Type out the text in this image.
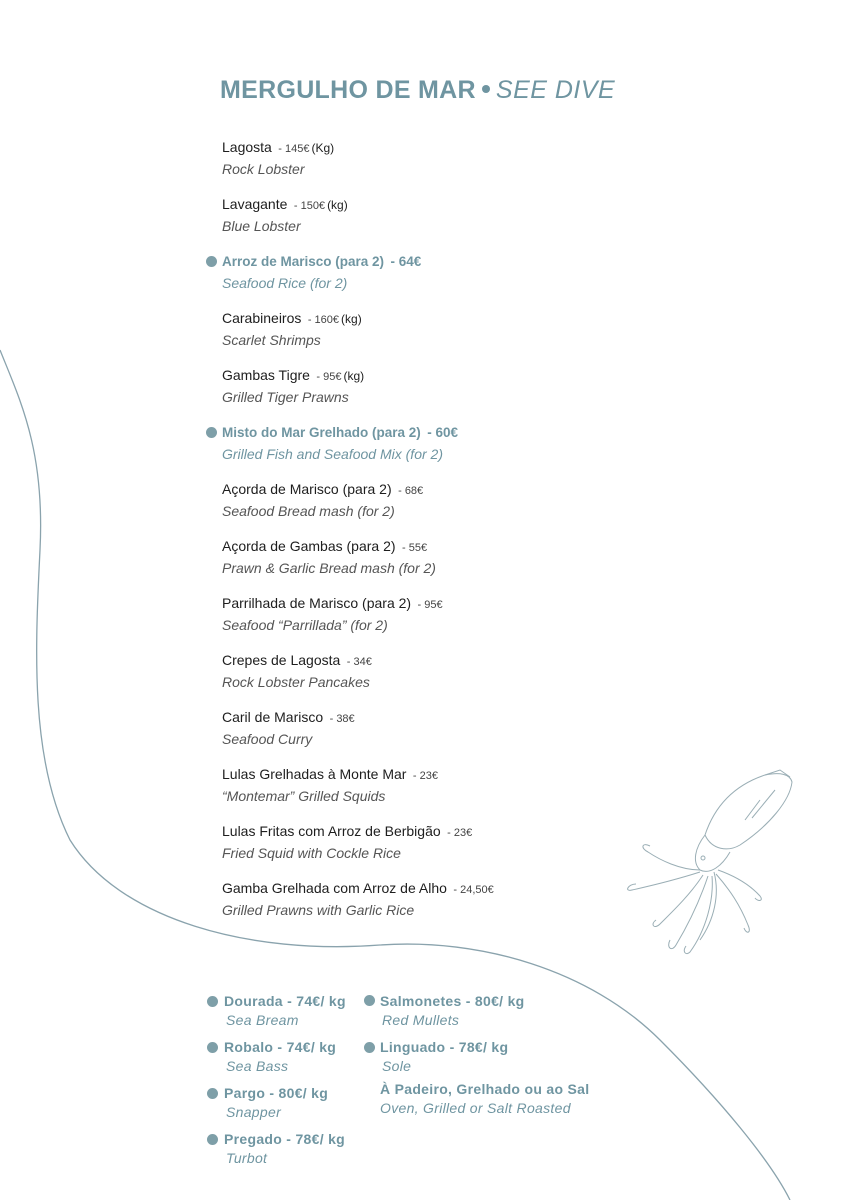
MERGULHO DE MAR SEE DIVE
Lagosta - 145€ (Kg)
Rock Lobster
Lavagante - 150€ (kg)
Blue Lobster
Arroz de Marisco (para 2) - 64€
Seafood Rice (for 2)
Carabineiros - 160€ (kg)
Scarlet Shrimps
Gambas Tigre - 95€ (kg)
Grilled Tiger Prawns
Misto do Mar Grelhado (para 2) - 60€
Grilled Fish and Seafood Mix (for 2)
Açorda de Marisco (para 2) - 68€
Seafood Bread mash (for 2)
Açorda de Gambas (para 2) - 55€
Prawn & Garlic Bread mash (for 2)
Parrilhada de Marisco (para 2) - 95€
Seafood “Parrillada” (for 2)
Crepes de Lagosta - 34€
Rock Lobster Pancakes
Caril de Marisco - 38€
Seafood Curry
Lulas Grelhadas à Monte Mar - 23€
“Montemar” Grilled Squids
Lulas Fritas com Arroz de Berbigão - 23€
Fried Squid with Cockle Rice
Gamba Grelhada com Arroz de Alho - 24,50€
Grilled Prawns with Garlic Rice
Dourada - 74€/ kg
Sea Bream
Robalo - 74€/ kg
Sea Bass
Pargo - 80€/ kg
Snapper
Pregado - 78€/ kg
Turbot
Salmonetes - 80€/ kg
Red Mullets
Linguado - 78€/ kg
Sole
À Padeiro, Grelhado ou ao Sal
Oven, Grilled or Salt Roasted
